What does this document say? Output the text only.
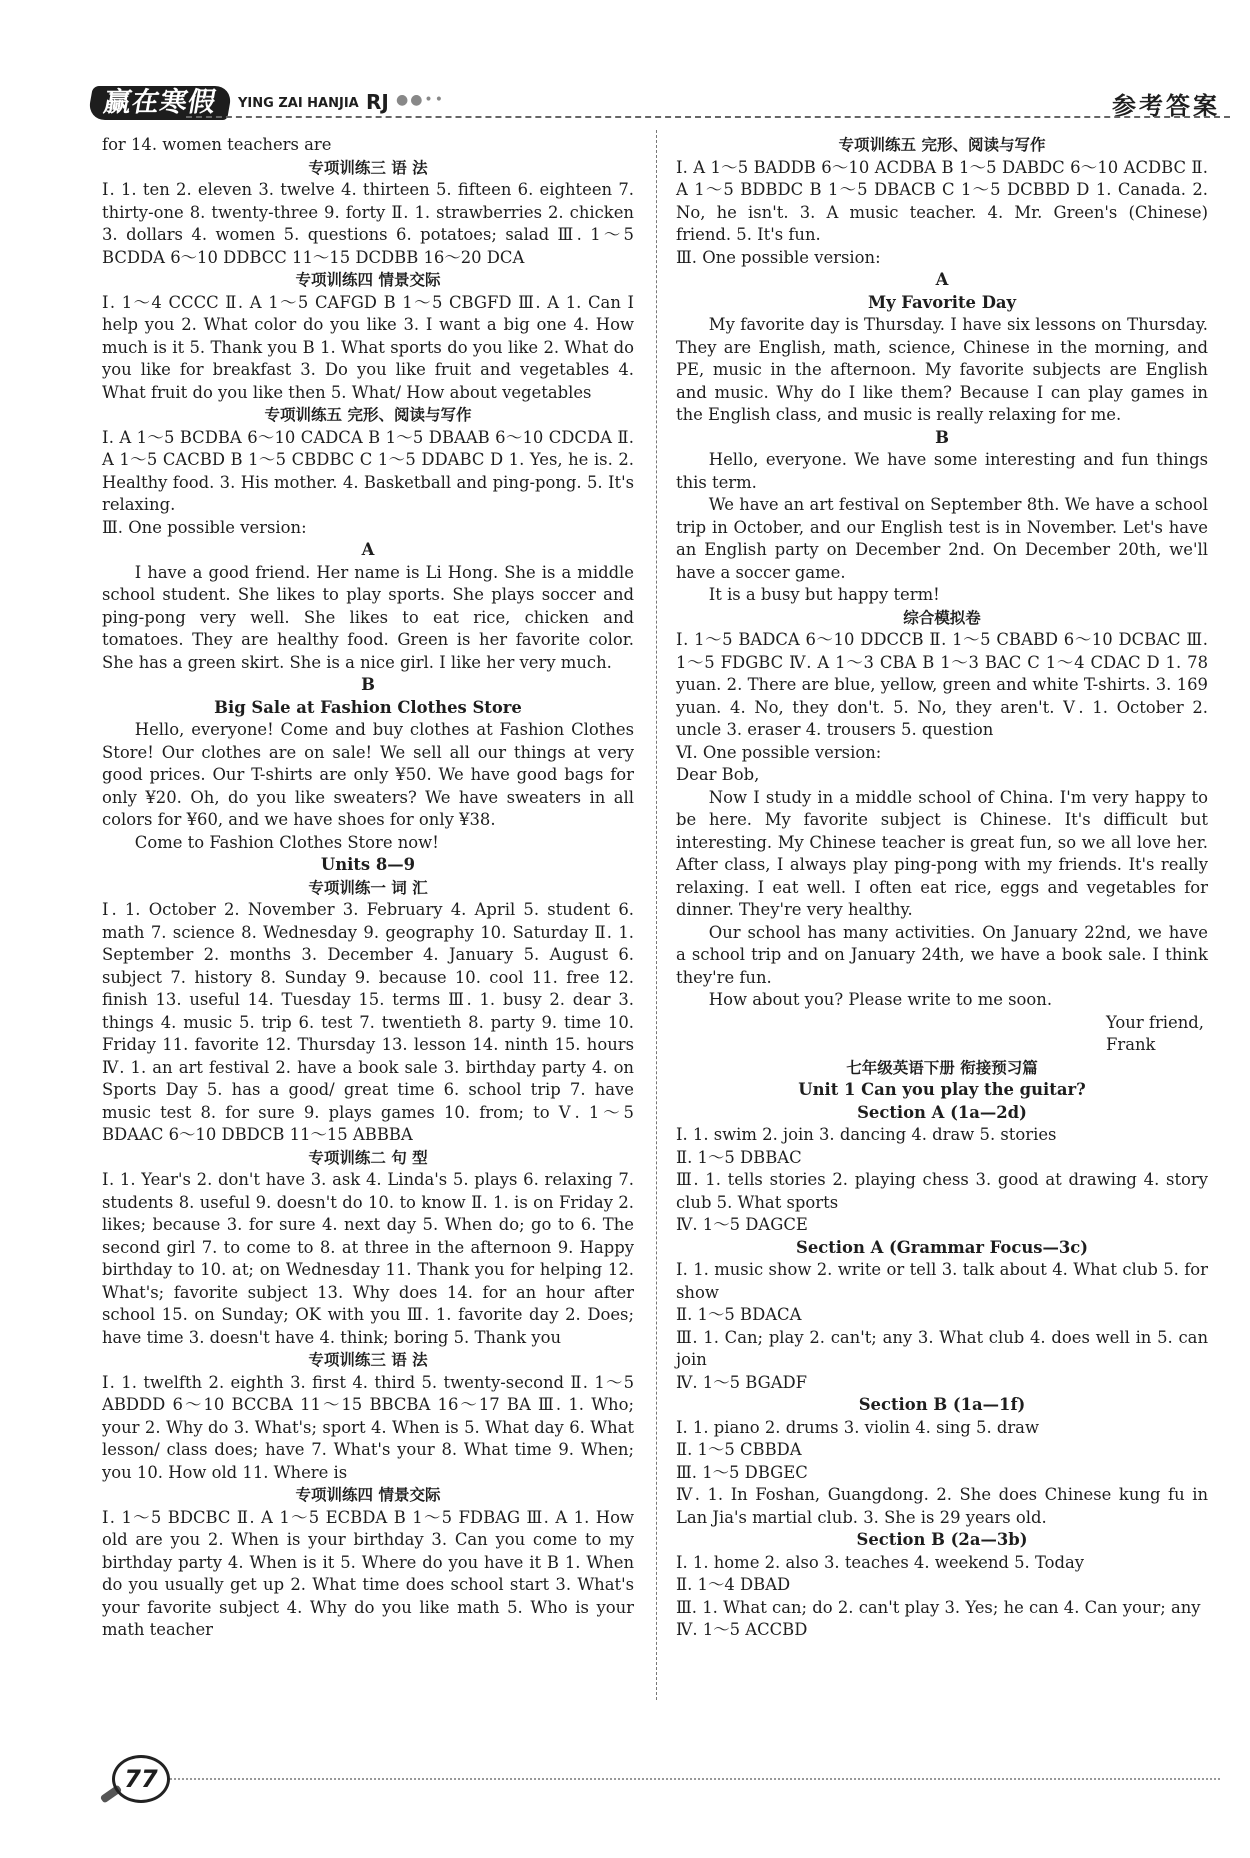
赢在寒假	YING ZAI HANJIA RJ ●●••	参考答案

for 14. women teachers are

专项训练三 语 法

Ⅰ. 1. ten 2. eleven 3. twelve 4. thirteen 5. fifteen 6. eighteen 7. thirty-one 8. twenty-three 9. forty Ⅱ. 1. strawberries 2. chicken 3. dollars 4. women 5. questions 6. potatoes; salad Ⅲ. 1～5 BCDDA 6～10 DDBCC 11～15 DCDBB 16～20 DCA

专项训练四 情景交际

Ⅰ. 1～4 CCCC Ⅱ. A 1～5 CAFGD B 1～5 CBGFD Ⅲ. A 1. Can I help you 2. What color do you like 3. I want a big one 4. How much is it 5. Thank you B 1. What sports do you like 2. What do you like for breakfast 3. Do you like fruit and vegetables 4. What fruit do you like then 5. What/ How about vegetables

专项训练五 完形、阅读与写作

Ⅰ. A 1～5 BCDBA 6～10 CADCA B 1～5 DBAAB 6～10 CDCDA Ⅱ. A 1～5 CACBD B 1～5 CBDBC C 1～5 DDABC D 1. Yes, he is. 2. Healthy food. 3. His mother. 4. Basketball and ping-pong. 5. It's relaxing.

Ⅲ. One possible version:

A

I have a good friend. Her name is Li Hong. She is a middle school student. She likes to play sports. She plays soccer and ping-pong very well. She likes to eat rice, chicken and tomatoes. They are healthy food. Green is her favorite color. She has a green skirt. She is a nice girl. I like her very much.

B

Big Sale at Fashion Clothes Store

Hello, everyone! Come and buy clothes at Fashion Clothes Store! Our clothes are on sale! We sell all our things at very good prices. Our T-shirts are only ¥50. We have good bags for only ¥20. Oh, do you like sweaters? We have sweaters in all colors for ¥60, and we have shoes for only ¥38.

Come to Fashion Clothes Store now!

Units 8—9

专项训练一 词 汇

Ⅰ. 1. October 2. November 3. February 4. April 5. student 6. math 7. science 8. Wednesday 9. geography 10. Saturday Ⅱ. 1. September 2. months 3. December 4. January 5. August 6. subject 7. history 8. Sunday 9. because 10. cool 11. free 12. finish 13. useful 14. Tuesday 15. terms Ⅲ. 1. busy 2. dear 3. things 4. music 5. trip 6. test 7. twentieth 8. party 9. time 10. Friday 11. favorite 12. Thursday 13. lesson 14. ninth 15. hours Ⅳ. 1. an art festival 2. have a book sale 3. birthday party 4. on Sports Day 5. has a good/ great time 6. school trip 7. have music test 8. for sure 9. plays games 10. from; to Ⅴ. 1～5 BDAAC 6～10 DBDCB 11～15 ABBBA

专项训练二 句 型

Ⅰ. 1. Year's 2. don't have 3. ask 4. Linda's 5. plays 6. relaxing 7. students 8. useful 9. doesn't do 10. to know Ⅱ. 1. is on Friday 2. likes; because 3. for sure 4. next day 5. When do; go to 6. The second girl 7. to come to 8. at three in the afternoon 9. Happy birthday to 10. at; on Wednesday 11. Thank you for helping 12. What's; favorite subject 13. Why does 14. for an hour after school 15. on Sunday; OK with you Ⅲ. 1. favorite day 2. Does; have time 3. doesn't have 4. think; boring 5. Thank you

专项训练三 语 法

Ⅰ. 1. twelfth 2. eighth 3. first 4. third 5. twenty-second Ⅱ. 1～5 ABDDD 6～10 BCCBA 11～15 BBCBA 16～17 BA Ⅲ. 1. Who; your 2. Why do 3. What's; sport 4. When is 5. What day 6. What lesson/ class does; have 7. What's your 8. What time 9. When; you 10. How old 11. Where is

专项训练四 情景交际

Ⅰ. 1～5 BDCBC Ⅱ. A 1～5 ECBDA B 1～5 FDBAG Ⅲ. A 1. How old are you 2. When is your birthday 3. Can you come to my birthday party 4. When is it 5. Where do you have it B 1. When do you usually get up 2. What time does school start 3. What's your favorite subject 4. Why do you like math 5. Who is your math teacher

专项训练五 完形、阅读与写作

Ⅰ. A 1～5 BADDB 6～10 ACDBA B 1～5 DABDC 6～10 ACDBC Ⅱ. A 1～5 BDBDC B 1～5 DBACB C 1～5 DCBBD D 1. Canada. 2. No, he isn't. 3. A music teacher. 4. Mr. Green's (Chinese) friend. 5. It's fun.

Ⅲ. One possible version:

A

My Favorite Day

My favorite day is Thursday. I have six lessons on Thursday. They are English, math, science, Chinese in the morning, and PE, music in the afternoon. My favorite subjects are English and music. Why do I like them? Because I can play games in the English class, and music is really relaxing for me.

B

Hello, everyone. We have some interesting and fun things this term.

We have an art festival on September 8th. We have a school trip in October, and our English test is in November. Let's have an English party on December 2nd. On December 20th, we'll have a soccer game.

It is a busy but happy term!

综合模拟卷

Ⅰ. 1～5 BADCA 6～10 DDCCB Ⅱ. 1～5 CBABD 6～10 DCBAC Ⅲ. 1～5 FDGBC Ⅳ. A 1～3 CBA B 1～3 BAC C 1～4 CDAC D 1. 78 yuan. 2. There are blue, yellow, green and white T-shirts. 3. 169 yuan. 4. No, they don't. 5. No, they aren't. Ⅴ. 1. October 2. uncle 3. eraser 4. trousers 5. question

Ⅵ. One possible version:

Dear Bob,

Now I study in a middle school of China. I'm very happy to be here. My favorite subject is Chinese. It's difficult but interesting. My Chinese teacher is great fun, so we all love her. After class, I always play ping-pong with my friends. It's really relaxing. I eat well. I often eat rice, eggs and vegetables for dinner. They're very healthy.

Our school has many activities. On January 22nd, we have a school trip and on January 24th, we have a book sale. I think they're fun.

How about you? Please write to me soon.

Your friend,

Frank

七年级英语下册 衔接预习篇

Unit 1 Can you play the guitar?

Section A (1a—2d)

Ⅰ. 1. swim 2. join 3. dancing 4. draw 5. stories

Ⅱ. 1～5 DBBAC

Ⅲ. 1. tells stories 2. playing chess 3. good at drawing 4. story club 5. What sports

Ⅳ. 1～5 DAGCE

Section A (Grammar Focus—3c)

Ⅰ. 1. music show 2. write or tell 3. talk about 4. What club 5. for show

Ⅱ. 1～5 BDACA

Ⅲ. 1. Can; play 2. can't; any 3. What club 4. does well in 5. can join

Ⅳ. 1～5 BGADF

Section B (1a—1f)

Ⅰ. 1. piano 2. drums 3. violin 4. sing 5. draw

Ⅱ. 1～5 CBBDA

Ⅲ. 1～5 DBGEC

Ⅳ. 1. In Foshan, Guangdong. 2. She does Chinese kung fu in Lan Jia's martial club. 3. She is 29 years old.

Section B (2a—3b)

Ⅰ. 1. home 2. also 3. teaches 4. weekend 5. Today

Ⅱ. 1～4 DBAD

Ⅲ. 1. What can; do 2. can't play 3. Yes; he can 4. Can your; any

Ⅳ. 1～5 ACCBD

77
